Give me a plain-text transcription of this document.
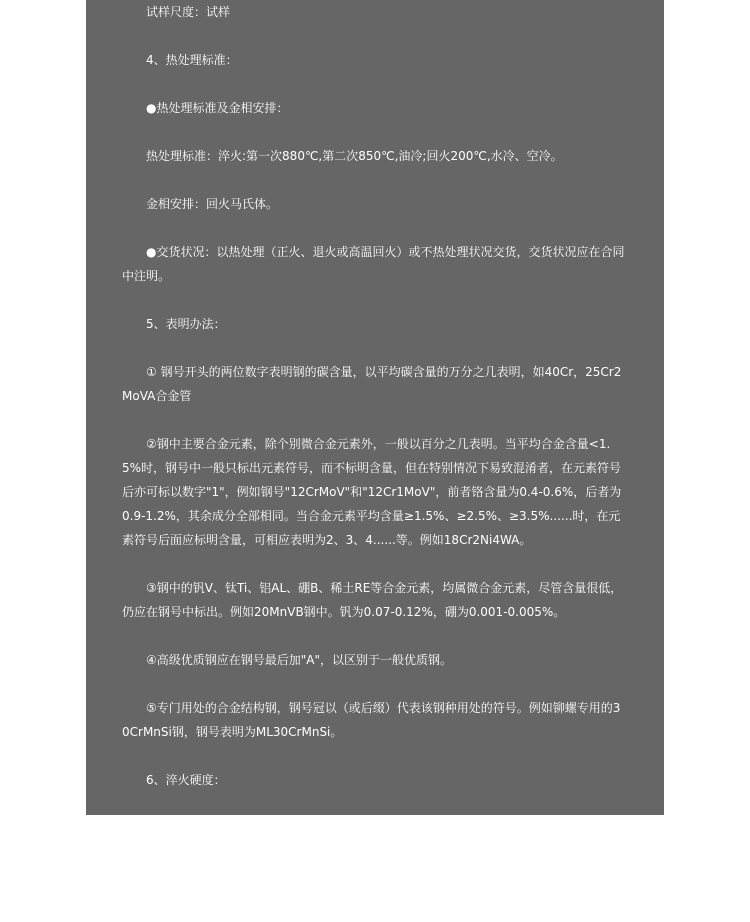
试样尺度：试样

4、热处理标准：

●热处理标准及金相安排：

热处理标准：淬火:第一次880℃,第二次850℃,油冷;回火200℃,水冷、空冷。

金相安排：回火马氏体。

●交货状况：以热处理（正火、退火或高温回火）或不热处理状况交货，交货状况应在合同中注明。

5、表明办法：

① 钢号开头的两位数字表明钢的碳含量，以平均碳含量的万分之几表明，如40Cr，25Cr2MoVA合金管

②钢中主要合金元素，除个别微合金元素外，一般以百分之几表明。当平均合金含量<1.5%时，钢号中一般只标出元素符号，而不标明含量，但在特别情况下易致混淆者，在元素符号后亦可标以数字"1"，例如钢号"12CrMoV"和"12Cr1MoV"，前者铬含量为0.4-0.6%，后者为0.9-1.2%，其余成分全部相同。当合金元素平均含量≥1.5%、≥2.5%、≥3.5%......时，在元素符号后面应标明含量，可相应表明为2、3、4......等。例如18Cr2Ni4WA。

③钢中的钒V、钛Ti、铝AL、硼B、稀土RE等合金元素，均属微合金元素，尽管含量很低，仍应在钢号中标出。例如20MnVB钢中。钒为0.07-0.12%，硼为0.001-0.005%。

④高级优质钢应在钢号最后加"A"，以区别于一般优质钢。

⑤专门用处的合金结构钢，钢号冠以（或后缀）代表该钢种用处的符号。例如铆螺专用的30CrMnSi钢，钢号表明为ML30CrMnSi。

6、淬火硬度：
